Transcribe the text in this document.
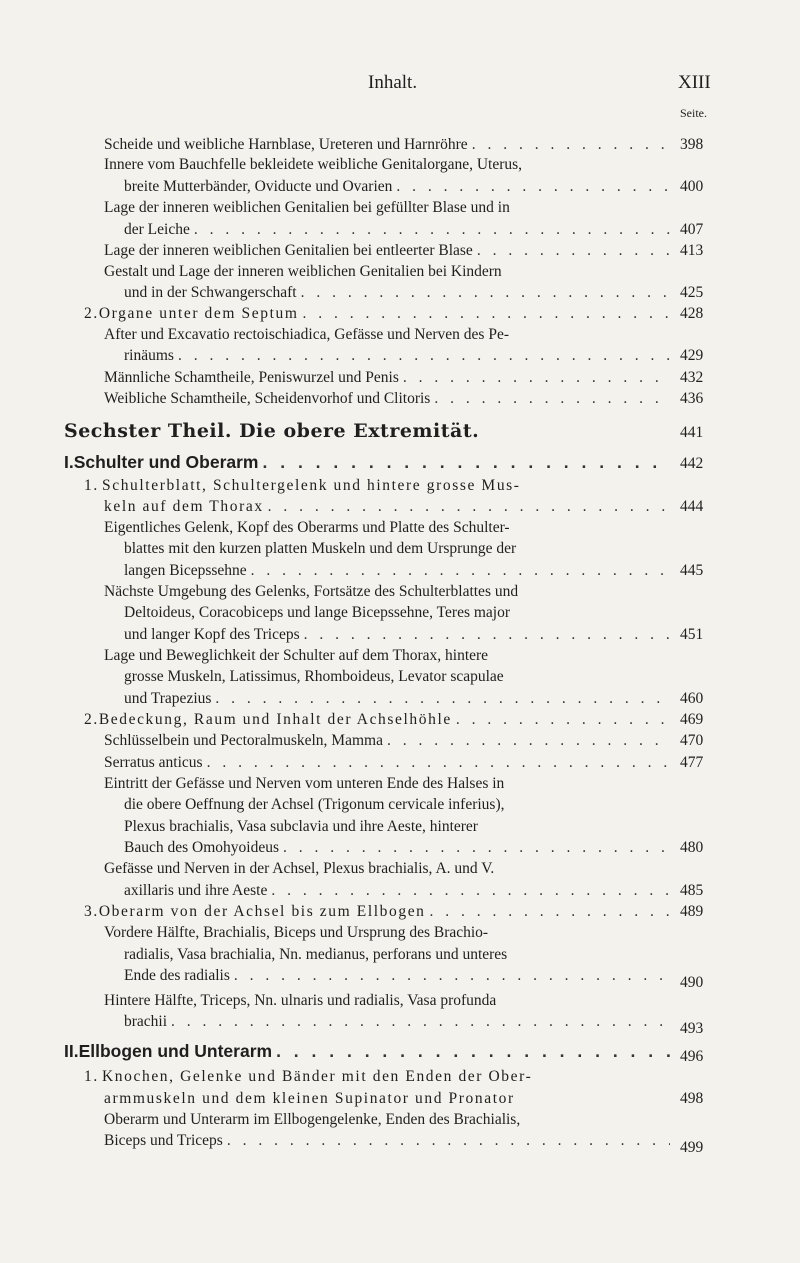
Inhalt.	XIII
Seite.
Scheide und weibliche Harnblase, Ureteren und Harnröhre . . .	398
Innere vom Bauchfelle bekleidete weibliche Genitalorgane, Uterus,
breite Mutterbänder, Oviducte und Ovarien . . .	400
Lage der inneren weiblichen Genitalien bei gefüllter Blase und in
der Leiche . . .	407
Lage der inneren weiblichen Genitalien bei entleerter Blase . . .	413
Gestalt und Lage der inneren weiblichen Genitalien bei Kindern
und in der Schwangerschaft . . .	425
2. Organe unter dem Septum . . .	428
After und Excavatio rectoischiadica, Gefässe und Nerven des Pe-
rinäums . . .	429
Männliche Schamtheile, Peniswurzel und Penis . . .	432
Weibliche Schamtheile, Scheidenvorhof und Clitoris . . .	436
Sechster Theil. Die obere Extremität.	441
I. Schulter und Oberarm . . .	442
1. Schulterblatt, Schultergelenk und hintere grosse Mus-
keln auf dem Thorax . . .	444
Eigentliches Gelenk, Kopf des Oberarms und Platte des Schulter-
blattes mit den kurzen platten Muskeln und dem Ursprunge der
langen Bicepssehne . . .	445
Nächste Umgebung des Gelenks, Fortsätze des Schulterblattes und
Deltoideus, Coracobiceps und lange Bicepssehne, Teres major
und langer Kopf des Triceps . . .	451
Lage und Beweglichkeit der Schulter auf dem Thorax, hintere
grosse Muskeln, Latissimus, Rhomboideus, Levator scapulae
und Trapezius . . .	460
2. Bedeckung, Raum und Inhalt der Achselhöhle . . .	469
Schlüsselbein und Pectoralmuskeln, Mamma . . .	470
Serratus anticus . . .	477
Eintritt der Gefässe und Nerven vom unteren Ende des Halses in
die obere Oeffnung der Achsel (Trigonum cervicale inferius),
Plexus brachialis, Vasa subclavia und ihre Aeste, hinterer
Bauch des Omohyoideus . . .	480
Gefässe und Nerven in der Achsel, Plexus brachialis, A. und V.
axillaris und ihre Aeste . . .	485
3. Oberarm von der Achsel bis zum Ellbogen . . .	489
Vordere Hälfte, Brachialis, Biceps und Ursprung des Brachio-
radialis, Vasa brachialia, Nn. medianus, perforans und unteres
Ende des radialis . . .	490
Hintere Hälfte, Triceps, Nn. ulnaris und radialis, Vasa profunda
brachii . . .	493
II. Ellbogen und Unterarm . . .	496
1. Knochen, Gelenke und Bänder mit den Enden der Ober-
armmuskeln und dem kleinen Supinator und Pronator	498
Oberarm und Unterarm im Ellbogengelenke, Enden des Brachialis,
Biceps und Triceps . . .	499
